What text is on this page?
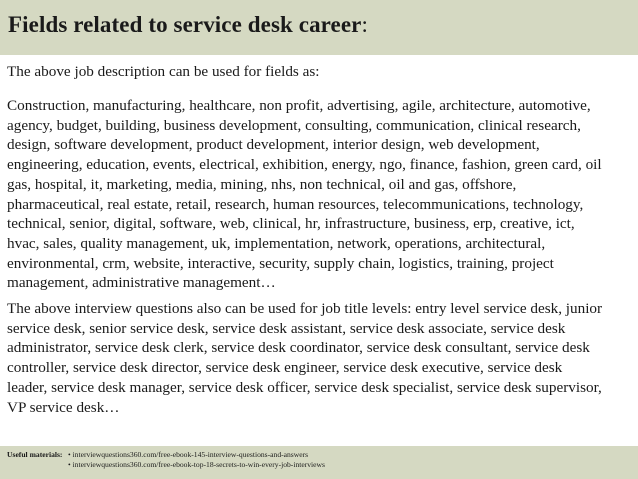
Fields related to service desk career:
The above job description can be used for fields as:
Construction, manufacturing, healthcare, non profit, advertising, agile, architecture, automotive,
agency, budget, building, business development, consulting, communication, clinical research,
design, software development, product development, interior design, web development,
engineering, education, events, electrical, exhibition, energy, ngo, finance, fashion, green card, oil
gas, hospital, it, marketing, media, mining, nhs, non technical, oil and gas, offshore,
pharmaceutical, real estate, retail, research, human resources, telecommunications, technology,
technical, senior, digital, software, web, clinical, hr, infrastructure, business, erp, creative, ict,
hvac, sales, quality management, uk, implementation, network, operations, architectural,
environmental, crm, website, interactive, security, supply chain, logistics, training, project
management, administrative management…
The above interview questions also can be used for job title levels: entry level service desk, junior
service desk, senior service desk, service desk assistant, service desk associate, service desk
administrator, service desk clerk, service desk coordinator, service desk consultant, service desk
controller, service desk director, service desk engineer, service desk executive, service desk
leader, service desk manager, service desk officer, service desk specialist, service desk supervisor,
VP service desk…
Useful materials: • interviewquestions360.com/free-ebook-145-interview-questions-and-answers
• interviewquestions360.com/free-ebook-top-18-secrets-to-win-every-job-interviews
